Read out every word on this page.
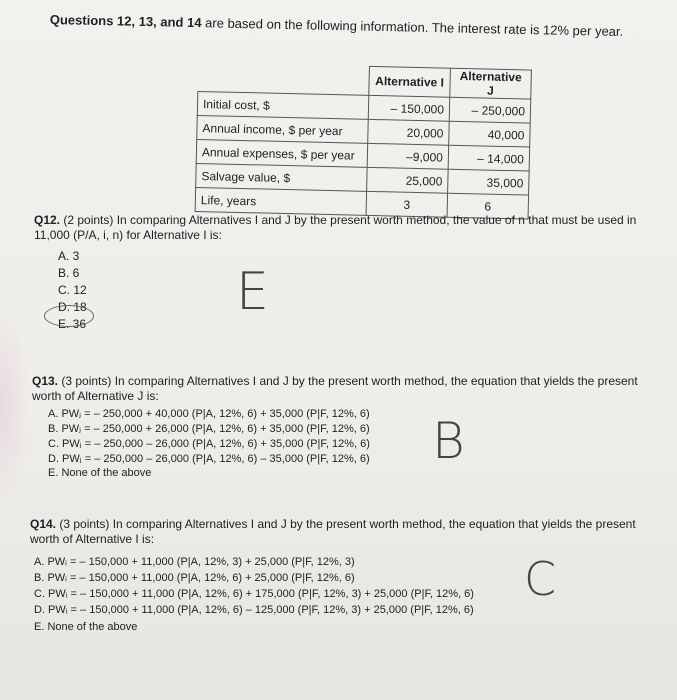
Questions 12, 13, and 14 are based on the following information. The interest rate is 12% per year.
	Alternative I	Alternative J
Initial cost, $	– 150,000	– 250,000
Annual income, $ per year	20,000	40,000
Annual expenses, $ per year	–9,000	– 14,000
Salvage value, $	25,000	35,000
Life, years	3	6
Q12. (2 points) In comparing Alternatives I and J by the present worth method, the value of n that must be used in 11,000 (P/A, i, n) for Alternative I is:
A. 3
B. 6
C. 12
D. 18
E. 36
E
Q13. (3 points) In comparing Alternatives I and J by the present worth method, the equation that yields the present worth of Alternative J is:
A. PWⱼ = – 250,000 + 40,000 (P|A, 12%, 6) + 35,000 (P|F, 12%, 6)
B. PWⱼ = – 250,000 + 26,000 (P|A, 12%, 6) + 35,000 (P|F, 12%, 6)
C. PWⱼ = – 250,000 – 26,000 (P|A, 12%, 6) + 35,000 (P|F, 12%, 6)
D. PWⱼ = – 250,000 – 26,000 (P|A, 12%, 6) – 35,000 (P|F, 12%, 6)
E. None of the above
B
Q14. (3 points) In comparing Alternatives I and J by the present worth method, the equation that yields the present worth of Alternative I is:
A. PWᵢ = – 150,000 + 11,000 (P|A, 12%, 3) + 25,000 (P|F, 12%, 3)
B. PWᵢ = – 150,000 + 11,000 (P|A, 12%, 6) + 25,000 (P|F, 12%, 6)
C. PWᵢ = – 150,000 + 11,000 (P|A, 12%, 6) + 175,000 (P|F, 12%, 3) + 25,000 (P|F, 12%, 6)
D. PWᵢ = – 150,000 + 11,000 (P|A, 12%, 6) – 125,000 (P|F, 12%, 3) + 25,000 (P|F, 12%, 6)
E. None of the above
C
